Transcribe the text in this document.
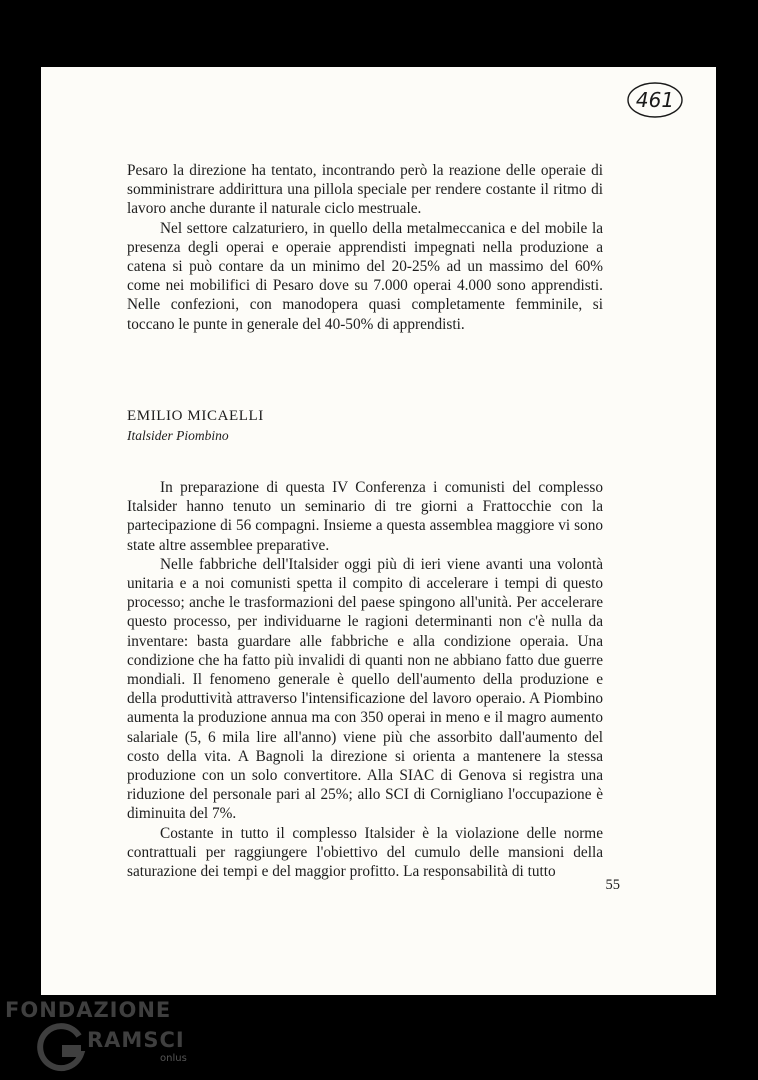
461

Pesaro la direzione ha tentato, incontrando però la reazione delle operaie di somministrare addirittura una pillola speciale per rendere costante il ritmo di lavoro anche durante il naturale ciclo mestruale.

Nel settore calzaturiero, in quello della metalmeccanica e del mobile la presenza degli operai e operaie apprendisti impegnati nella produzione a catena si può contare da un minimo del 20-25% ad un massimo del 60% come nei mobilifici di Pesaro dove su 7.000 operai 4.000 sono apprendisti. Nelle confezioni, con manodopera quasi completamente femminile, si toccano le punte in generale del 40-50% di apprendisti.

EMILIO MICAELLI
Italsider Piombino

In preparazione di questa IV Conferenza i comunisti del complesso Italsider hanno tenuto un seminario di tre giorni a Frattocchie con la partecipazione di 56 compagni. Insieme a questa assemblea maggiore vi sono state altre assemblee preparative.

Nelle fabbriche dell'Italsider oggi più di ieri viene avanti una volontà unitaria e a noi comunisti spetta il compito di accelerare i tempi di questo processo; anche le trasformazioni del paese spingono all'unità. Per accelerare questo processo, per individuarne le ragioni determinanti non c'è nulla da inventare: basta guardare alle fabbriche e alla condizione operaia. Una condizione che ha fatto più invalidi di quanti non ne abbiano fatto due guerre mondiali. Il fenomeno generale è quello dell'aumento della produzione e della produttività attraverso l'intensificazione del lavoro operaio. A Piombino aumenta la produzione annua ma con 350 operai in meno e il magro aumento salariale (5, 6 mila lire all'anno) viene più che assorbito dall'aumento del costo della vita. A Bagnoli la direzione si orienta a mantenere la stessa produzione con un solo convertitore. Alla SIAC di Genova si registra una riduzione del personale pari al 25%; allo SCI di Cornigliano l'occupazione è diminuita del 7%.

Costante in tutto il complesso Italsider è la violazione delle norme contrattuali per raggiungere l'obiettivo del cumulo delle mansioni della saturazione dei tempi e del maggior profitto. La responsabilità di tutto

55
FONDAZIONE
RAMSCI
onlus
